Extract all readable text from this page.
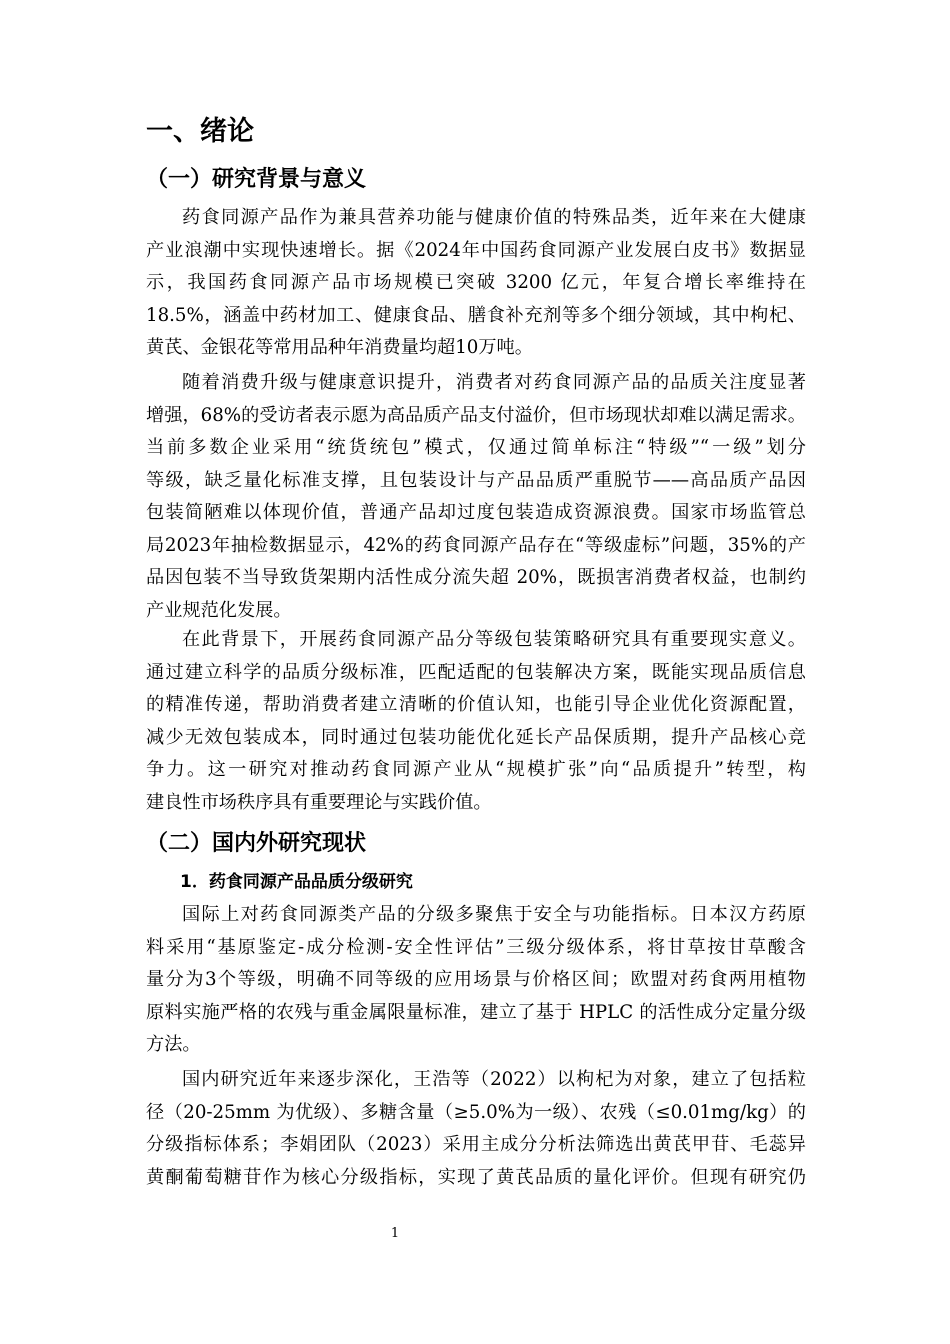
一、绪论
（一）研究背景与意义
药食同源产品作为兼具营养功能与健康价值的特殊品类，近年来在大健康
产业浪潮中实现快速增长。据《2024年中国药食同源产业发展白皮书》数据显
示，我国药食同源产品市场规模已突破 3200 亿元，年复合增长率维持在
18.5%，涵盖中药材加工、健康食品、膳食补充剂等多个细分领域，其中枸杞、
黄芪、金银花等常用品种年消费量均超10万吨。
随着消费升级与健康意识提升，消费者对药食同源产品的品质关注度显著
增强，68%的受访者表示愿为高品质产品支付溢价，但市场现状却难以满足需求。
当前多数企业采用“统货统包”模式，仅通过简单标注“特级”“一级”划分
等级，缺乏量化标准支撑，且包装设计与产品品质严重脱节——高品质产品因
包装简陋难以体现价值，普通产品却过度包装造成资源浪费。国家市场监管总
局2023年抽检数据显示，42%的药食同源产品存在“等级虚标”问题，35%的产
品因包装不当导致货架期内活性成分流失超 20%，既损害消费者权益，也制约
产业规范化发展。
在此背景下，开展药食同源产品分等级包装策略研究具有重要现实意义。
通过建立科学的品质分级标准，匹配适配的包装解决方案，既能实现品质信息
的精准传递，帮助消费者建立清晰的价值认知，也能引导企业优化资源配置，
减少无效包装成本，同时通过包装功能优化延长产品保质期，提升产品核心竞
争力。这一研究对推动药食同源产业从“规模扩张”向“品质提升”转型，构
建良性市场秩序具有重要理论与实践价值。
（二）国内外研究现状
1．药食同源产品品质分级研究
国际上对药食同源类产品的分级多聚焦于安全与功能指标。日本汉方药原
料采用“基原鉴定-成分检测-安全性评估”三级分级体系，将甘草按甘草酸含
量分为3个等级，明确不同等级的应用场景与价格区间；欧盟对药食两用植物
原料实施严格的农残与重金属限量标准，建立了基于 HPLC 的活性成分定量分级
方法。
国内研究近年来逐步深化，王浩等（2022）以枸杞为对象，建立了包括粒
径（20-25mm 为优级）、多糖含量（≥5.0%为一级）、农残（≤0.01mg/kg）的
分级指标体系；李娟团队（2023）采用主成分分析法筛选出黄芪甲苷、毛蕊异
黄酮葡萄糖苷作为核心分级指标，实现了黄芪品质的量化评价。但现有研究仍
1
